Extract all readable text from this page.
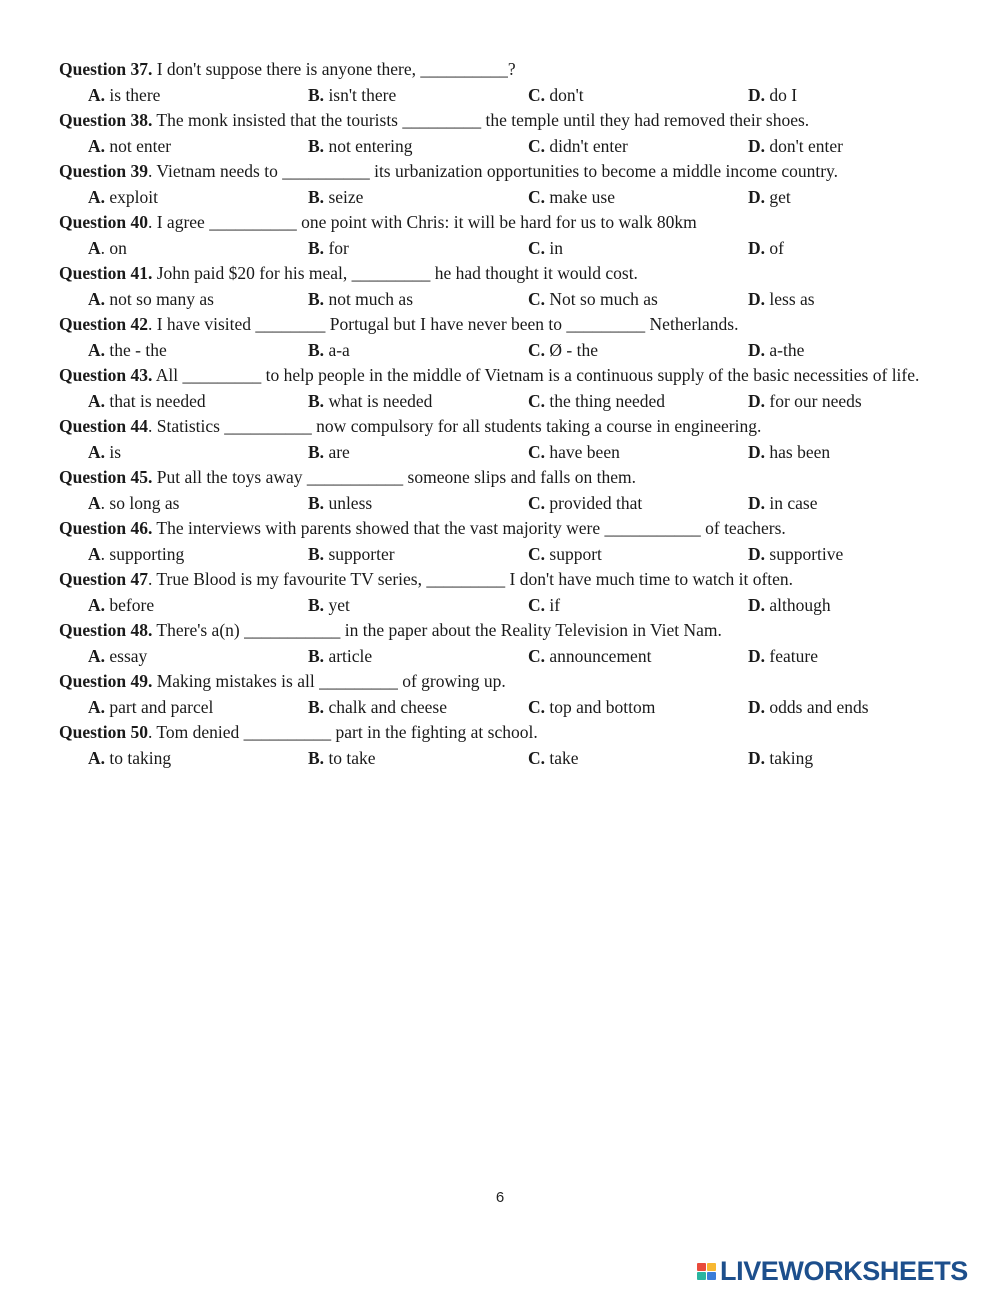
Question 37. I don't suppose there is anyone there, __________?
A. is there	B. isn't there	C. don't	D. do I
Question 38. The monk insisted that the tourists _________ the temple until they had removed their shoes.
A. not enter	B. not entering	C. didn't enter	D. don't enter
Question 39. Vietnam needs to __________ its urbanization opportunities to become a middle income country.
A. exploit	B. seize	C. make use	D. get
Question 40. I agree __________ one point with Chris: it will be hard for us to walk 80km
A. on	B. for	C. in	D. of
Question 41. John paid $20 for his meal, _________ he had thought it would cost.
A. not so many as	B. not much as	C. Not so much as	D. less as
Question 42. I have visited ________ Portugal but I have never been to _________ Netherlands.
A. the - the	B. a-a	C. Ø - the	D. a-the
Question 43. All _________ to help people in the middle of Vietnam is a continuous supply of the basic necessities of life.
A. that is needed	B. what is needed	C. the thing needed	D. for our needs
Question 44. Statistics __________ now compulsory for all students taking a course in engineering.
A. is	B. are	C. have been	D. has been
Question 45. Put all the toys away ___________ someone slips and falls on them.
A. so long as	B. unless	C. provided that	D. in case
Question 46. The interviews with parents showed that the vast majority were ___________ of teachers.
A. supporting	B. supporter	C. support	D. supportive
Question 47. True Blood is my favourite TV series, _________ I don't have much time to watch it often.
A. before	B. yet	C. if	D. although
Question 48. There's a(n) ___________ in the paper about the Reality Television in Viet Nam.
A. essay	B. article	C. announcement	D. feature
Question 49. Making mistakes is all _________ of growing up.
A. part and parcel	B. chalk and cheese	C. top and bottom	D. odds and ends
Question 50. Tom denied __________ part in the fighting at school.
A. to taking	B. to take	C. take	D. taking
6
LIVEWORKSHEETS
